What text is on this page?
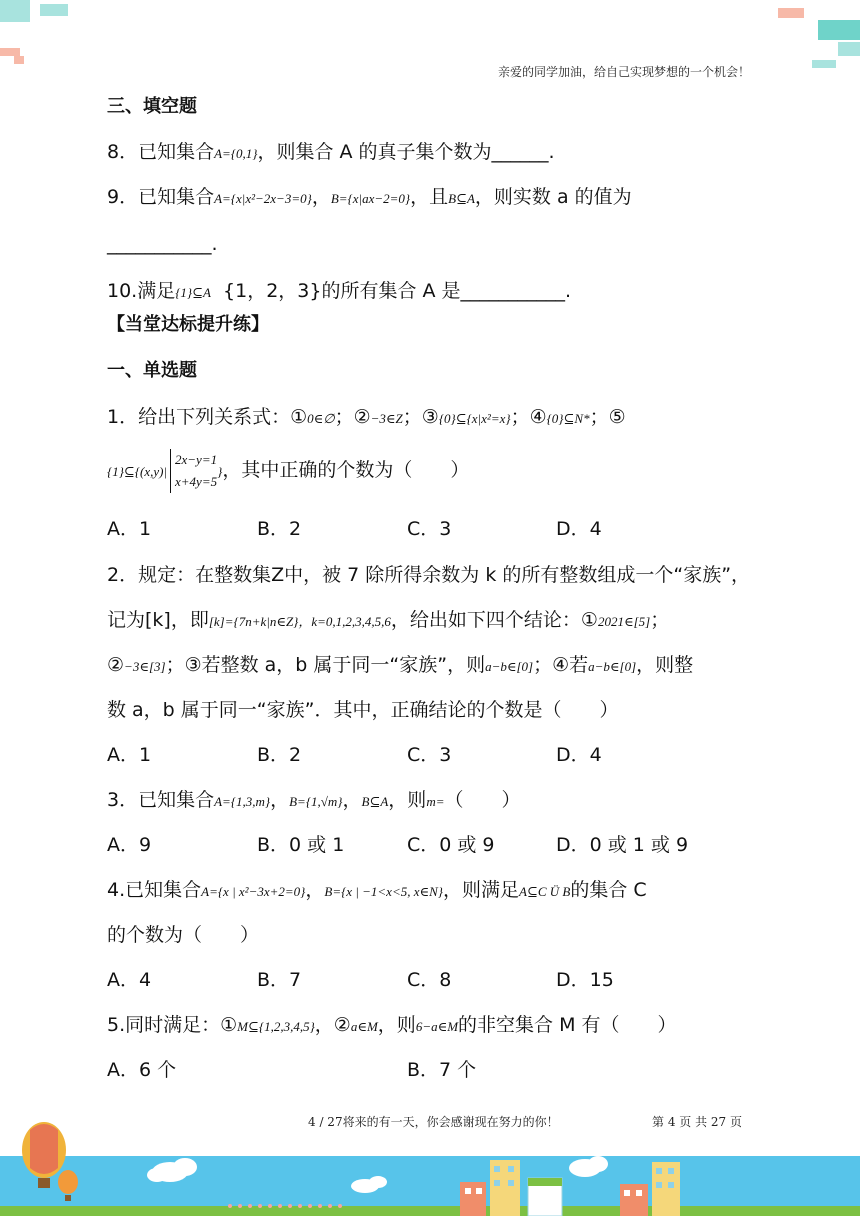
亲爱的同学加油，给自己实现梦想的一个机会！
三、填空题
8．已知集合A={0,1}，则集合 A 的真子集个数为______.
9．已知集合A={x|x²−2x−3=0}，B={x|ax−2=0}，且B⊆A，则实数 a 的值为
___________.
10.满足{1}⊆A  {1，2，3}的所有集合 A 是___________.
【当堂达标提升练】
一、单选题
1．给出下列关系式：①0∈∅；②−3∈Z；③{0}⊆{x|x²=x}；④{0}⊆N*；⑤
{1}⊆{(x,y)|2x−y=1
x+4y=5}，其中正确的个数为（　　）
A．1	B．2	C．3	D．4
2．规定：在整数集Z中，被 7 除所得余数为 k 的所有整数组成一个“家族”，
记为[k]，即[k]={7n+k|n∈Z}，k=0,1,2,3,4,5,6，给出如下四个结论：①2021∈[5]；
②−3∈[3]；③若整数 a，b 属于同一“家族”，则a−b∈[0]；④若a−b∈[0]，则整
数 a，b 属于同一“家族”．其中，正确结论的个数是（　　）
A．1	B．2	C．3	D．4
3．已知集合A={1,3,m}，B={1,√m}，B⊆A，则m=（　　）
A．9	B．0 或 1	C．0 或 9	D．0 或 1 或 9
4.已知集合A={x | x²−3x+2=0}，B={x | −1<x<5, x∈N}，则满足A⊆C Ü B的集合 C
的个数为（　　）
A．4	B．7	C．8	D．15
5.同时满足：①M⊆{1,2,3,4,5}，②a∈M，则6−a∈M的非空集合 M 有（　　）
A．6 个	B．7 个
4 / 27将来的有一天，你会感谢现在努力的你！	第 4 页 共 27 页
